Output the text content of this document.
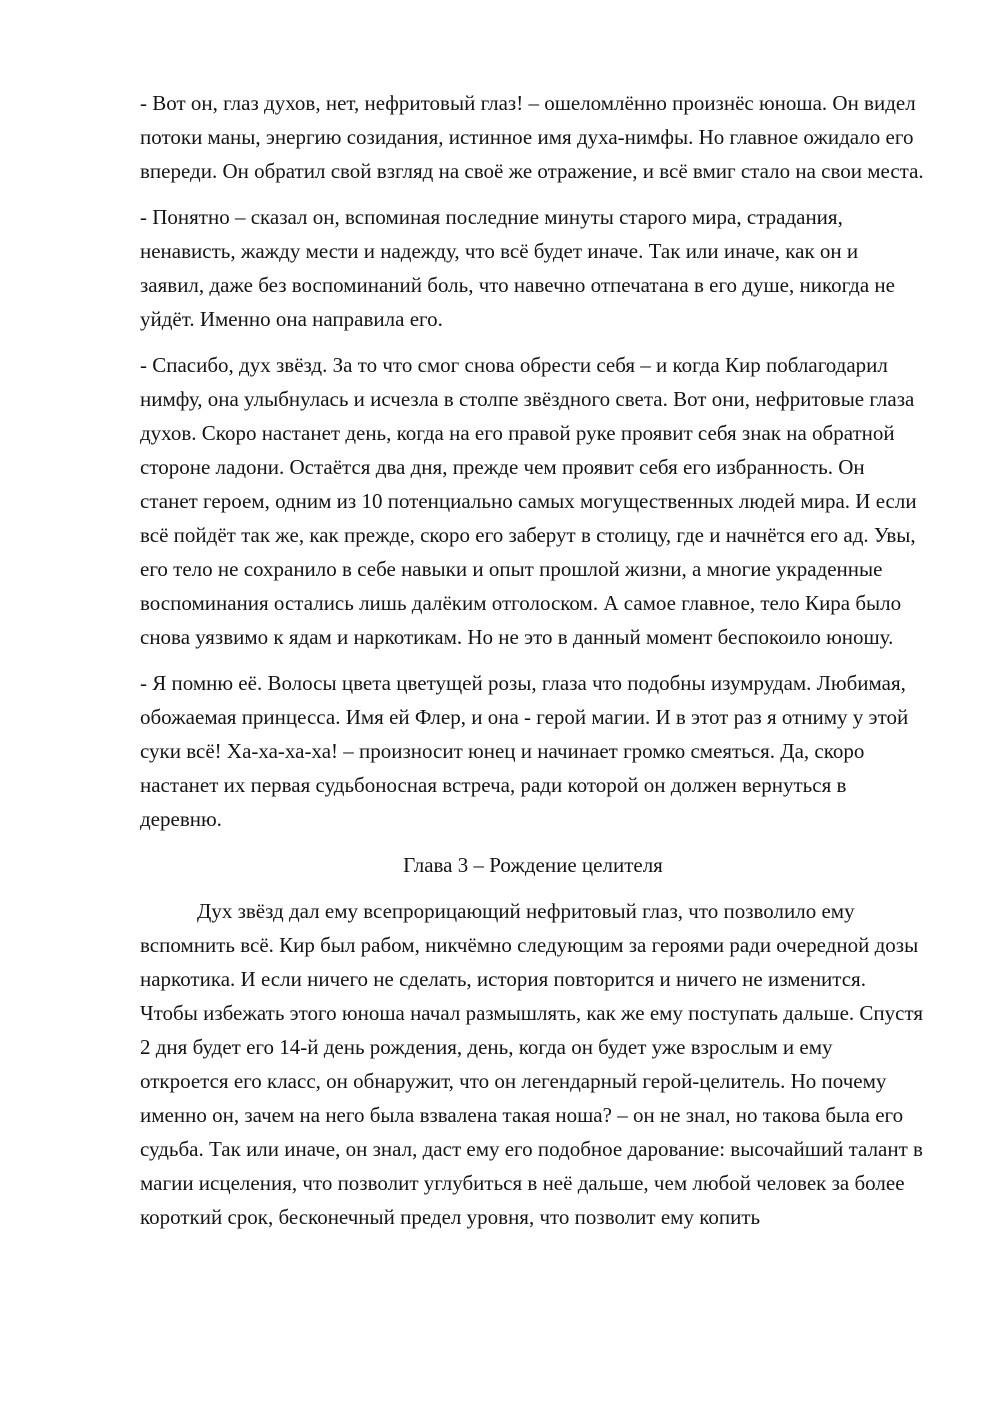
- Вот он, глаз духов, нет, нефритовый глаз! – ошеломлённо произнёс юноша. Он видел потоки маны, энергию созидания, истинное имя духа-нимфы. Но главное ожидало его впереди. Он обратил свой взгляд на своё же отражение, и всё вмиг стало на свои места.

- Понятно – сказал он, вспоминая последние минуты старого мира, страдания, ненависть, жажду мести и надежду, что всё будет иначе. Так или иначе, как он и заявил, даже без воспоминаний боль, что навечно отпечатана в его душе, никогда не уйдёт. Именно она направила его.

- Спасибо, дух звёзд. За то что смог снова обрести себя – и когда Кир поблагодарил нимфу, она улыбнулась и исчезла в столпе звёздного света. Вот они, нефритовые глаза духов. Скоро настанет день, когда на его правой руке проявит себя знак на обратной стороне ладони. Остаётся два дня, прежде чем проявит себя его избранность. Он станет героем, одним из 10 потенциально самых могущественных людей мира. И если всё пойдёт так же, как прежде, скоро его заберут в столицу, где и начнётся его ад. Увы, его тело не сохранило в себе навыки и опыт прошлой жизни, а многие украденные воспоминания остались лишь далёким отголоском. А самое главное, тело Кира было снова уязвимо к ядам и наркотикам. Но не это в данный момент беспокоило юношу.

- Я помню её. Волосы цвета цветущей розы, глаза что подобны изумрудам. Любимая, обожаемая принцесса. Имя ей Флер, и она - герой магии. И в этот раз я отниму у этой суки всё! Ха-ха-ха-ха! – произносит юнец и начинает громко смеяться. Да, скоро настанет их первая судьбоносная встреча, ради которой он должен вернуться в деревню.

Глава 3 – Рождение целителя

Дух звёзд дал ему всепрорицающий нефритовый глаз, что позволило ему вспомнить всё. Кир был рабом, никчёмно следующим за героями ради очередной дозы наркотика. И если ничего не сделать, история повторится и ничего не изменится. Чтобы избежать этого юноша начал размышлять, как же ему поступать дальше. Спустя 2 дня будет его 14-й день рождения, день, когда он будет уже взрослым и ему откроется его класс, он обнаружит, что он легендарный герой-целитель. Но почему именно он, зачем на него была взвалена такая ноша? – он не знал, но такова была его судьба. Так или иначе, он знал, даст ему его подобное дарование: высочайший талант в магии исцеления, что позволит углубиться в неё дальше, чем любой человек за более короткий срок, бесконечный предел уровня, что позволит ему копить
